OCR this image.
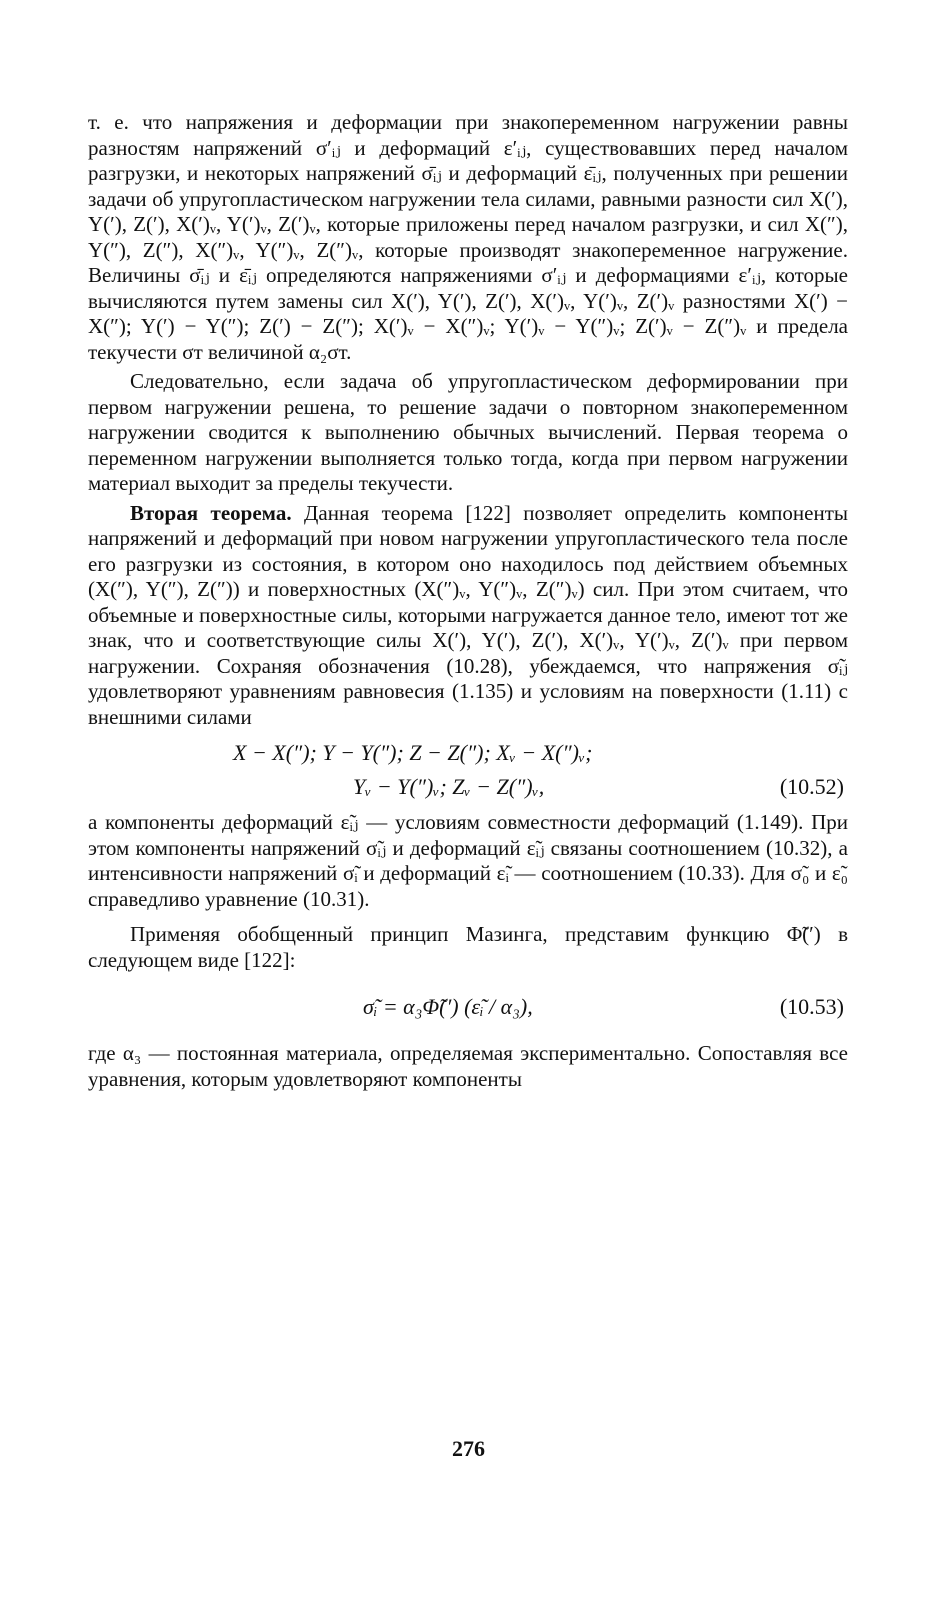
т. е. что напряжения и деформации при знакопеременном нагружении равны разностям напряжений σ′ᵢⱼ и деформаций ε′ᵢⱼ, существовавших перед началом разгрузки, и некоторых напряжений σ̄ᵢⱼ и деформаций ε̄ᵢⱼ, полученных при решении задачи об упругопластическом нагружении тела силами, равными разности сил X(′), Y(′), Z(′), X(′)ᵥ, Y(′)ᵥ, Z(′)ᵥ, которые приложены перед началом разгрузки, и сил X(″), Y(″), Z(″), X(″)ᵥ, Y(″)ᵥ, Z(″)ᵥ, которые производят знакопеременное нагружение. Величины σ̄ᵢⱼ и ε̄ᵢⱼ определяются напряжениями σ′ᵢⱼ и деформациями ε′ᵢⱼ, которые вычисляются путем замены сил X(′), Y(′), Z(′), X(′)ᵥ, Y(′)ᵥ, Z(′)ᵥ разностями X(′) − X(″); Y(′) − Y(″); Z(′) − Z(″); X(′)ᵥ − X(″)ᵥ; Y(′)ᵥ − Y(″)ᵥ; Z(′)ᵥ − Z(″)ᵥ и предела текучести σт величиной α₂σт.

Следовательно, если задача об упругопластическом деформировании при первом нагружении решена, то решение задачи о повторном знакопеременном нагружении сводится к выполнению обычных вычислений. Первая теорема о переменном нагружении выполняется только тогда, когда при первом нагружении материал выходит за пределы текучести.

Вторая теорема. Данная теорема [122] позволяет определить компоненты напряжений и деформаций при новом нагружении упругопластического тела после его разгрузки из состояния, в котором оно находилось под действием объемных (X(″), Y(″), Z(″)) и поверхностных (X(″)ᵥ, Y(″)ᵥ, Z(″)ᵥ) сил. При этом считаем, что объемные и поверхностные силы, которыми нагружается данное тело, имеют тот же знак, что и соответствующие силы X(′), Y(′), Z(′), X(′)ᵥ, Y(′)ᵥ, Z(′)ᵥ при первом нагружении. Сохраняя обозначения (10.28), убеждаемся, что напряжения σ̃ᵢⱼ удовлетворяют уравнениям равновесия (1.135) и условиям на поверхности (1.11) с внешними силами

X − X(″); Y − Y(″); Z − Z(″); Xᵥ − X(″)ᵥ;
Yᵥ − Y(″)ᵥ; Zᵥ − Z(″)ᵥ,	(10.52)

а компоненты деформаций ε̃ᵢⱼ — условиям совместности деформаций (1.149). При этом компоненты напряжений σ̃ᵢⱼ и деформаций ε̃ᵢⱼ связаны соотношением (10.32), а интенсивности напряжений σ̃ᵢ и деформаций ε̃ᵢ — соотношением (10.33). Для σ̃₀ и ε̃₀ справедливо уравнение (10.31).

Применяя обобщенный принцип Мазинга, представим функцию Φ̃(′) в следующем виде [122]:

σ̃ᵢ = α₃Φ̃(′) (ε̃ᵢ / α₃),	(10.53)

где α₃ — постоянная материала, определяемая экспериментально. Сопоставляя все уравнения, которым удовлетворяют компоненты

276
